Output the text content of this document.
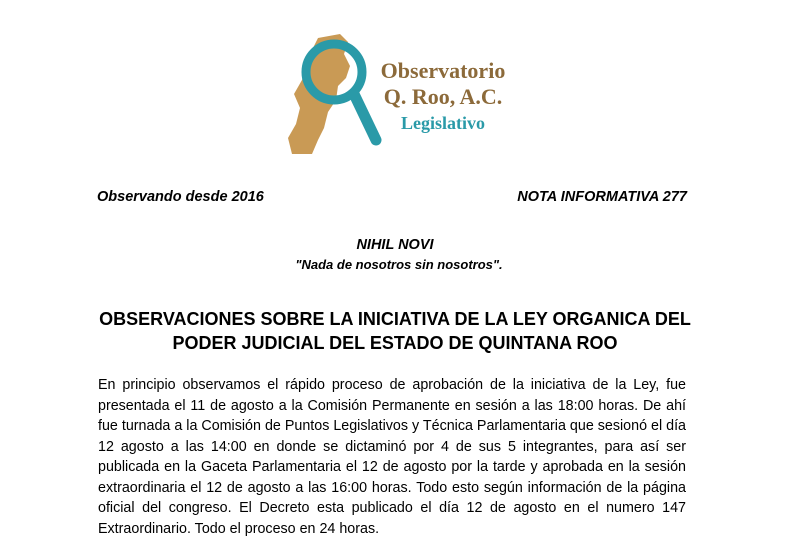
Observatorio
Q. Roo, A.C.
Legislativo
Observando desde 2016	NOTA INFORMATIVA 277
NIHIL NOVI
"Nada de nosotros sin nosotros".
OBSERVACIONES SOBRE LA INICIATIVA DE LA LEY ORGANICA DEL PODER JUDICIAL DEL ESTADO DE QUINTANA ROO
En principio observamos el rápido proceso de aprobación de la iniciativa de la Ley, fue presentada el 11 de agosto a la Comisión Permanente en sesión a las 18:00 horas. De ahí fue turnada a la Comisión de Puntos Legislativos y Técnica Parlamentaria que sesionó el día 12 agosto a las 14:00 en donde se dictaminó por 4 de sus 5 integrantes, para así ser publicada en la Gaceta Parlamentaria el 12 de agosto por la tarde y aprobada en la sesión extraordinaria el 12 de agosto a las 16:00 horas. Todo esto según información de la página oficial del congreso. El Decreto esta publicado el día 12 de agosto en el numero 147 Extraordinario. Todo el proceso en 24 horas.
